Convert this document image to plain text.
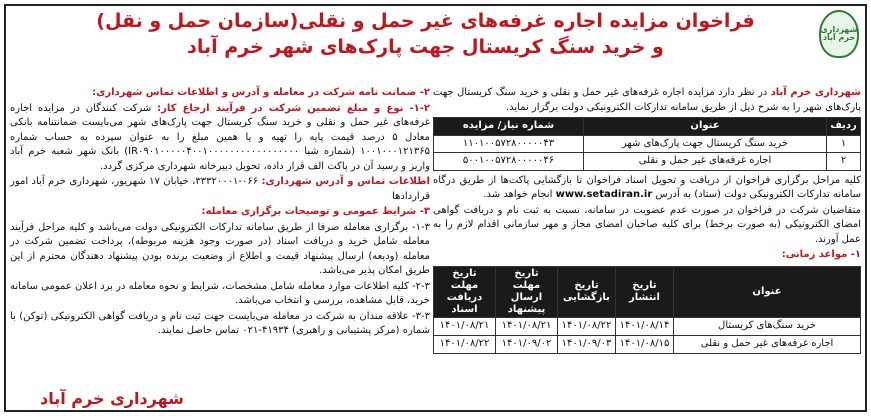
شهرداری خرم آباد
فراخوان مزایده اجاره غرفه‌های غیر حمل و نقلی(سازمان حمل و نقل)
و خرید سنگ کریستال جهت پارک‌های شهر خرم آباد

شهرداری خرم آباد در نظر دارد مزایده اجاره غرفه‌های غیر حمل و نقلی و خرید سنگ کریستال جهت پارک‌های شهر را به شرح ذیل از طریق سامانه تدارکات الکترونیکی دولت برگزار نماید.

ردیف	عنوان	شماره نیاز/ مزایده
۱	خرید سنگ کریستال جهت پارک‌های شهر	۱۱۰۱۰۰۵۷۲۸۰۰۰۰۰۴۳
۲	اجاره غرفه‌های غیر حمل و نقلی	۵۰۰۱۰۰۵۷۲۸۰۰۰۰۰۴۶

کلیه مراحل برگزاری فراخوان از دریافت و تحویل اسناد فراخوان تا بازگشایی پاکت‌ها از طریق درگاه سامانه تدارکات الکترونیکی دولت (ستاد) به آدرس www.setadiran.ir انجام خواهد شد.

متقاضیان شرکت در فراخوان در صورت عدم عضویت در سامانه، نسبت به ثبت نام و دریافت گواهی امضای الکترونیکی (به صورت برخط) برای کلیه صاحبان امضای مجاز و مهر سازمانی اقدام لازم را به عمل آورند.

۱- مواعد زمانی:

عنوان	تاریخ انتشار	تاریخ بازگشایی	تاریخ مهلت ارسال پیشنهاد	تاریخ مهلت دریافت اسناد
خرید سنگ‌های کریستال	۱۴۰۱/۰۸/۱۴	۱۴۰۱/۰۸/۲۲	۱۴۰۱/۰۸/۲۱	۱۴۰۱/۰۸/۲۱
اجاره غرفه‌های غیر حمل و نقلی	۱۴۰۱/۰۸/۱۵	۱۴۰۱/۰۹/۰۳	۱۴۰۱/۰۹/۰۲	۱۴۰۱/۰۸/۲۲

۲- ضمانت نامه شرکت در معامله و آدرس و اطلاعات تماس شهرداری:

۱-۲- نوع و مبلغ تضمین شرکت در فرآیند ارجاع کار: شرکت کنندگان در مزایده اجاره غرفه‌های غیر حمل و نقلی و خرید سنگ کریستال جهت پارک‌های شهر می‌بایست ضمانتنامه بانکی معادل ۵ درصد قیمت پایه را تهیه و یا همین مبلغ را به عنوان سپرده به حساب شماره ۱۰۰۱۰۰۰۱۲۱۳۶۵ (شماره شبا IR۰۹۰۱۰۰۰۰۰۴۰۰۱۰۰۰۰۰۰۰۰۰۰۰۰۰۰۰۰۰) بانک شهر شعبه خرم آباد واریز و رسید آن در پاکت الف قرار داده، تحویل دبیرخانه شهرداری مرکزی گردد.

اطلاعات تماس و آدرس شهرداری: ۰۶۶-۳۳۳۲۰۰۰۱، خیابان ۱۷ شهریور، شهرداری خرم آباد امور قراردادها

۳- شرایط عمومی و توضیحات برگزاری معامله:

۱-۳- برگزاری معامله صرفا از طریق سامانه تدارکات الکترونیکی دولت می‌باشد و کلیه مراحل فرآیند معامله شامل خرید و دریافت اسناد (در صورت وجود هزینه مربوطه)، پرداخت تضمین شرکت در معامله (ودیعه) ارسال پیشنهاد قیمت و اطلاع از وضعیت برنده بودن پیشنهاد دهندگان محترم از این طریق امکان پذیر می‌باشد.

۲-۳- کلیه اطلاعات موارد معامله شامل مشخصات، شرایط و نحوه معامله در برد اعلان عمومی سامانه خرید، قابل مشاهده، بررسی و انتخاب می‌باشد.

۳-۳- علاقه مندان به شرکت در معامله می‌بایست جهت ثبت نام و دریافت گواهی الکترونیکی (توکن) با شماره (مرکز پشتیبانی و راهبری) ۴۱۹۳۴-۰۲۱ تماس حاصل نمایند.

شهرداری خرم آباد
